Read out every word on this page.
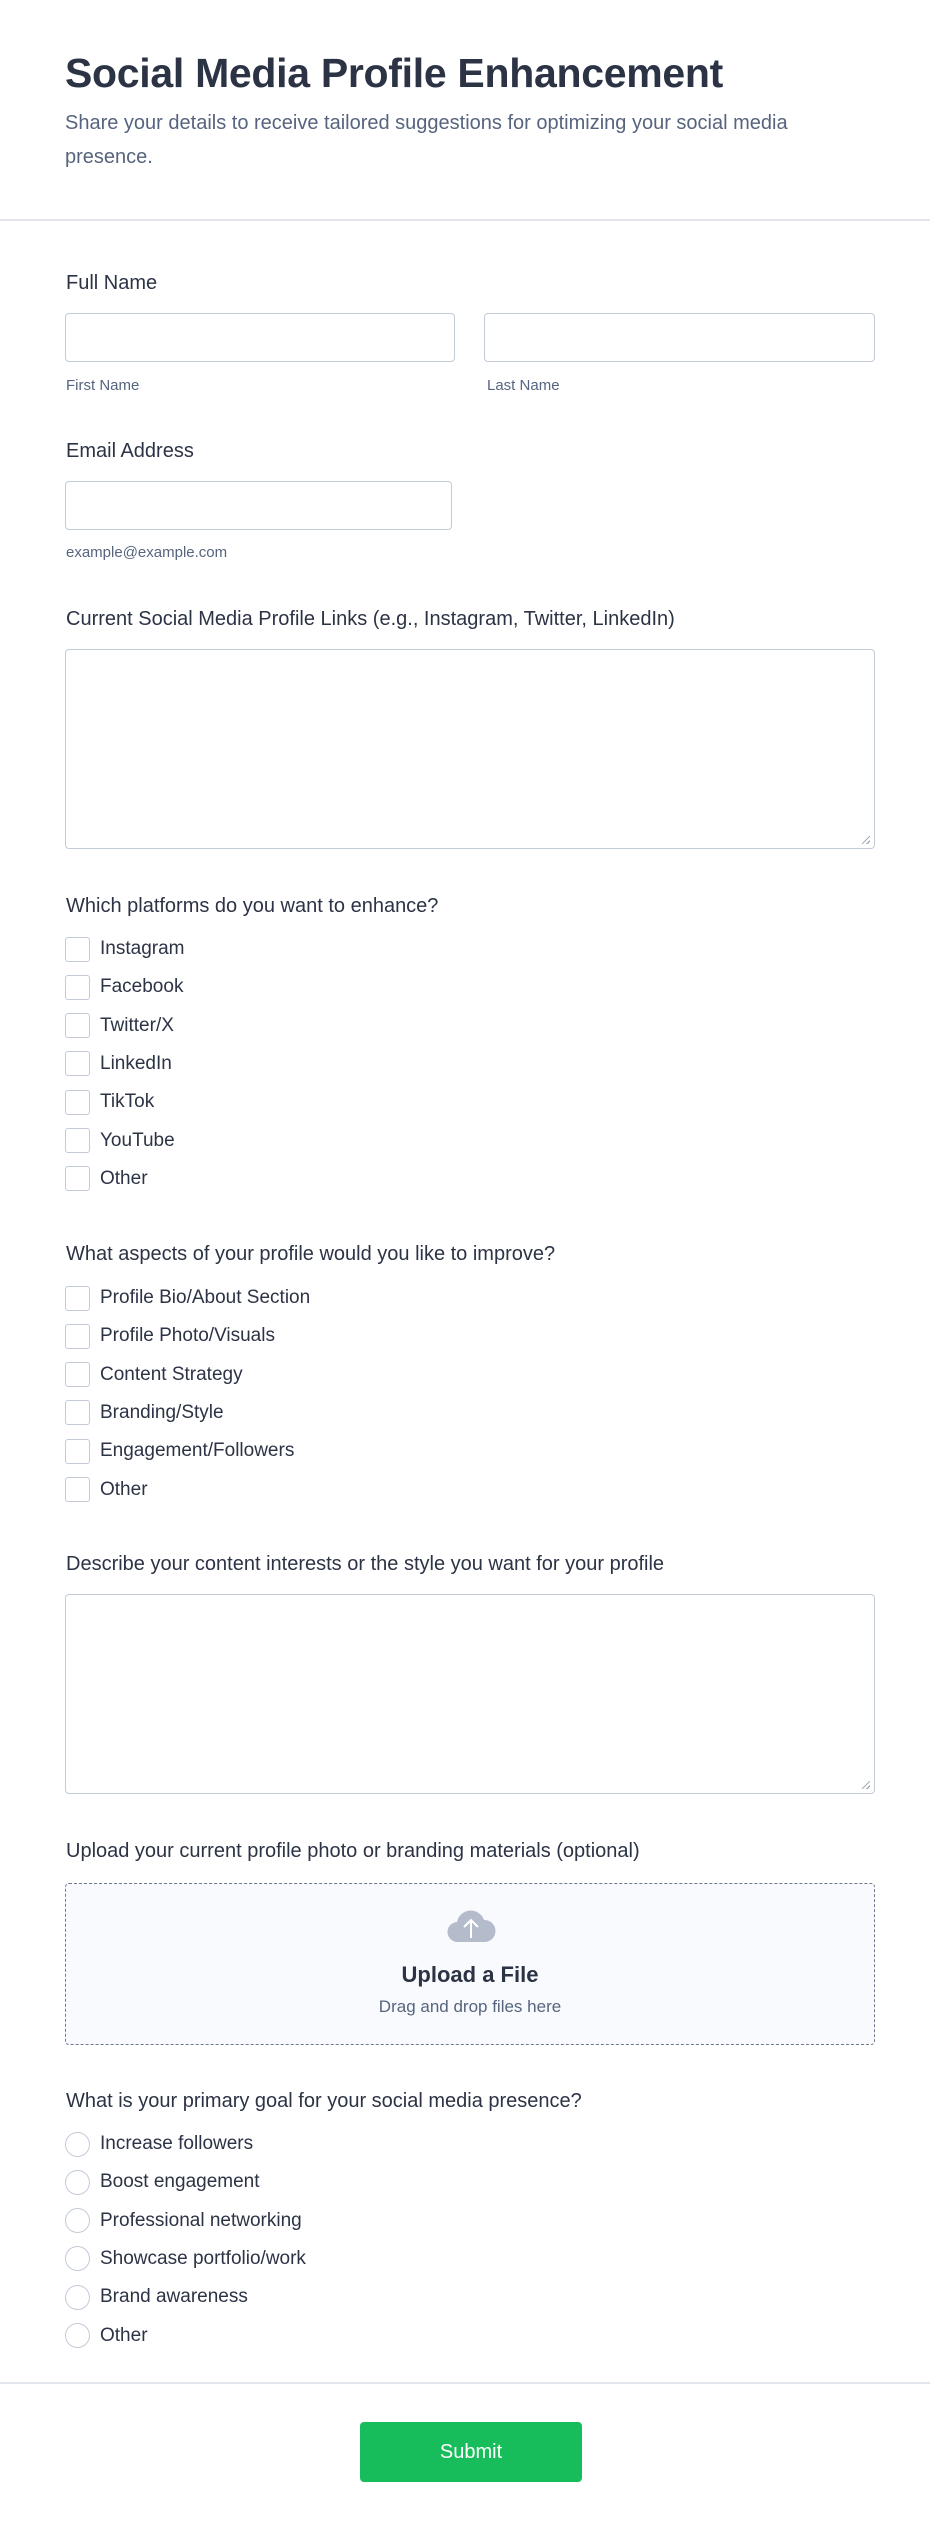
Social Media Profile Enhancement

Share your details to receive tailored suggestions for optimizing your social media presence.

Full Name
First Name	Last Name
Email Address
example@example.com
Current Social Media Profile Links (e.g., Instagram, Twitter, LinkedIn)
Which platforms do you want to enhance?
Instagram
Facebook
Twitter/X
LinkedIn
TikTok
YouTube
Other
What aspects of your profile would you like to improve?
Profile Bio/About Section
Profile Photo/Visuals
Content Strategy
Branding/Style
Engagement/Followers
Other
Describe your content interests or the style you want for your profile
Upload your current profile photo or branding materials (optional)
Upload a File
Drag and drop files here
What is your primary goal for your social media presence?
Increase followers
Boost engagement
Professional networking
Showcase portfolio/work
Brand awareness
Other
Submit
